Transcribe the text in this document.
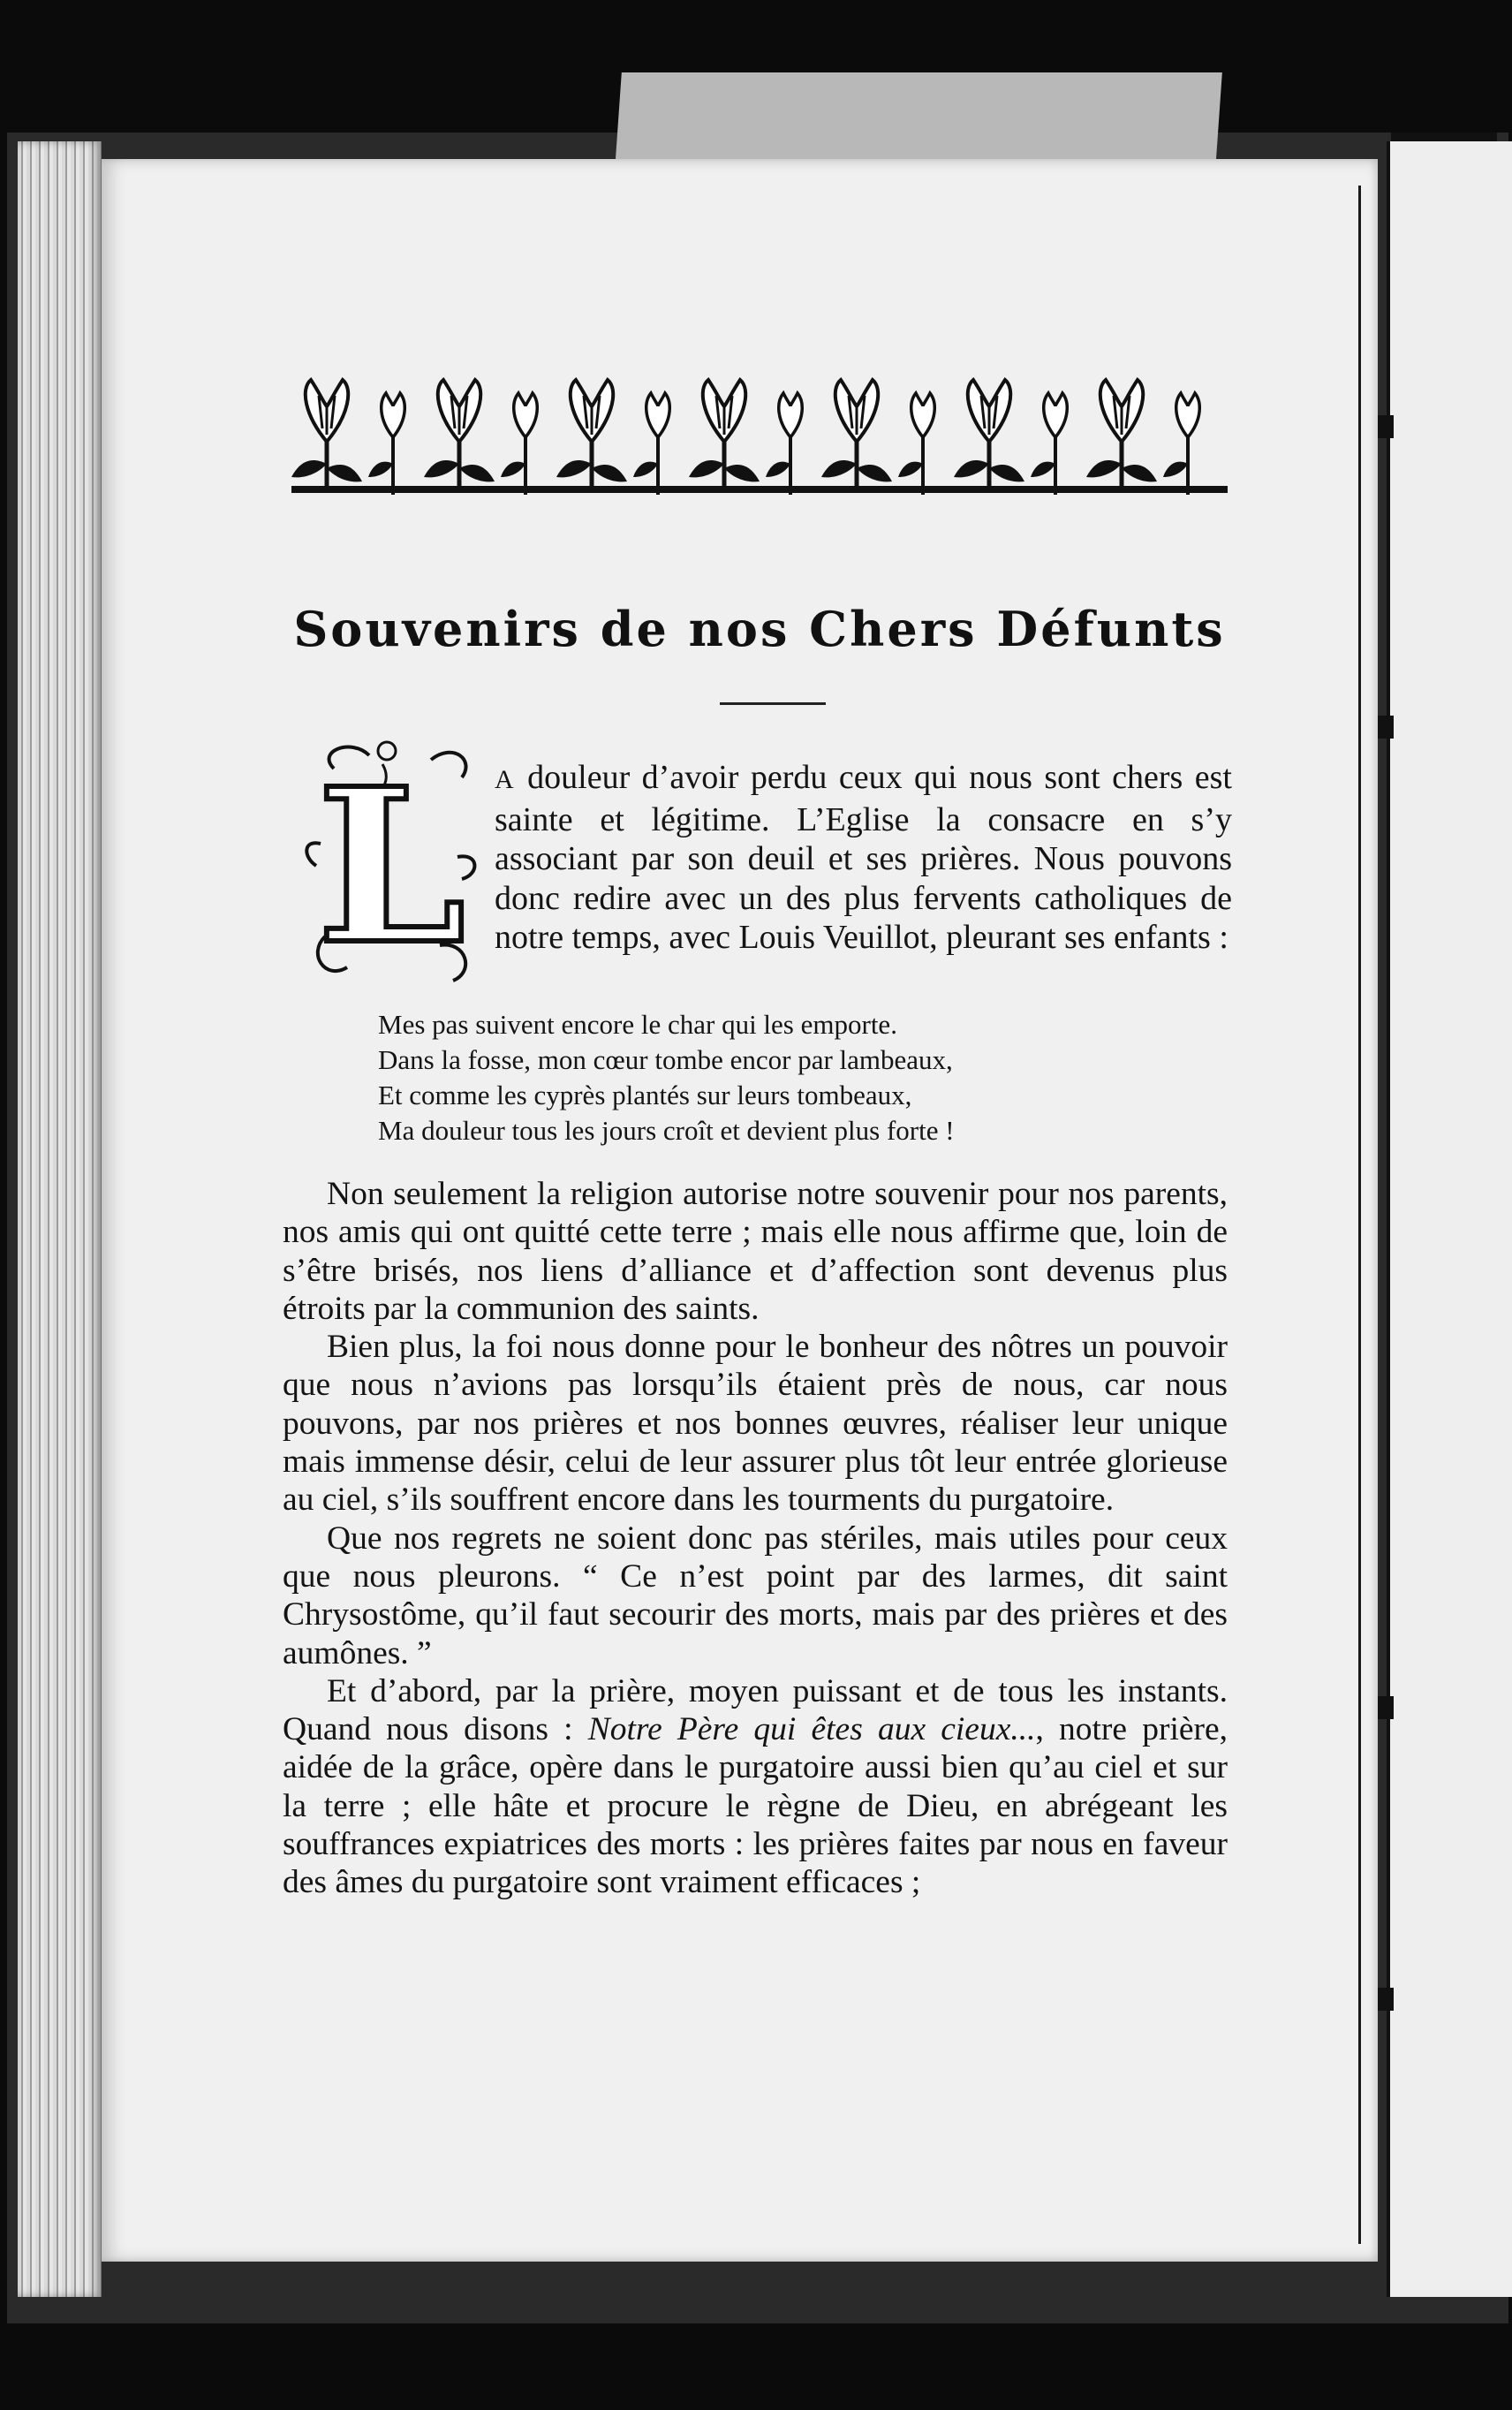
Souvenirs de nos Chers Défunts
L A douleur d’avoir perdu ceux qui nous sont chers est sainte et légitime. L’Eglise la consacre en s’y associant par son deuil et ses prières. Nous pouvons donc redire avec un des plus fervents catholiques de notre temps, avec Louis Veuillot, pleurant ses enfants :

Mes pas suivent encore le char qui les emporte.

Dans la fosse, mon cœur tombe encor par lambeaux,

Et comme les cyprès plantés sur leurs tombeaux,

Ma douleur tous les jours croît et devient plus forte !

Non seulement la religion autorise notre souvenir pour nos parents, nos amis qui ont quitté cette terre ; mais elle nous affirme que, loin de s’être brisés, nos liens d’alliance et d’affection sont devenus plus étroits par la communion des saints.

Bien plus, la foi nous donne pour le bonheur des nôtres un pouvoir que nous n’avions pas lorsqu’ils étaient près de nous, car nous pouvons, par nos prières et nos bonnes œuvres, réaliser leur unique mais immense désir, celui de leur assurer plus tôt leur entrée glorieuse au ciel, s’ils souffrent encore dans les tourments du purgatoire.

Que nos regrets ne soient donc pas stériles, mais utiles pour ceux que nous pleurons. “ Ce n’est point par des larmes, dit saint Chrysostôme, qu’il faut secourir des morts, mais par des prières et des aumônes. ”

Et d’abord, par la prière, moyen puissant et de tous les instants. Quand nous disons : Notre Père qui êtes aux cieux..., notre prière, aidée de la grâce, opère dans le purgatoire aussi bien qu’au ciel et sur la terre ; elle hâte et procure le règne de Dieu, en abrégeant les souffrances expiatrices des morts : les prières faites par nous en faveur des âmes du purgatoire sont vraiment efficaces ;
